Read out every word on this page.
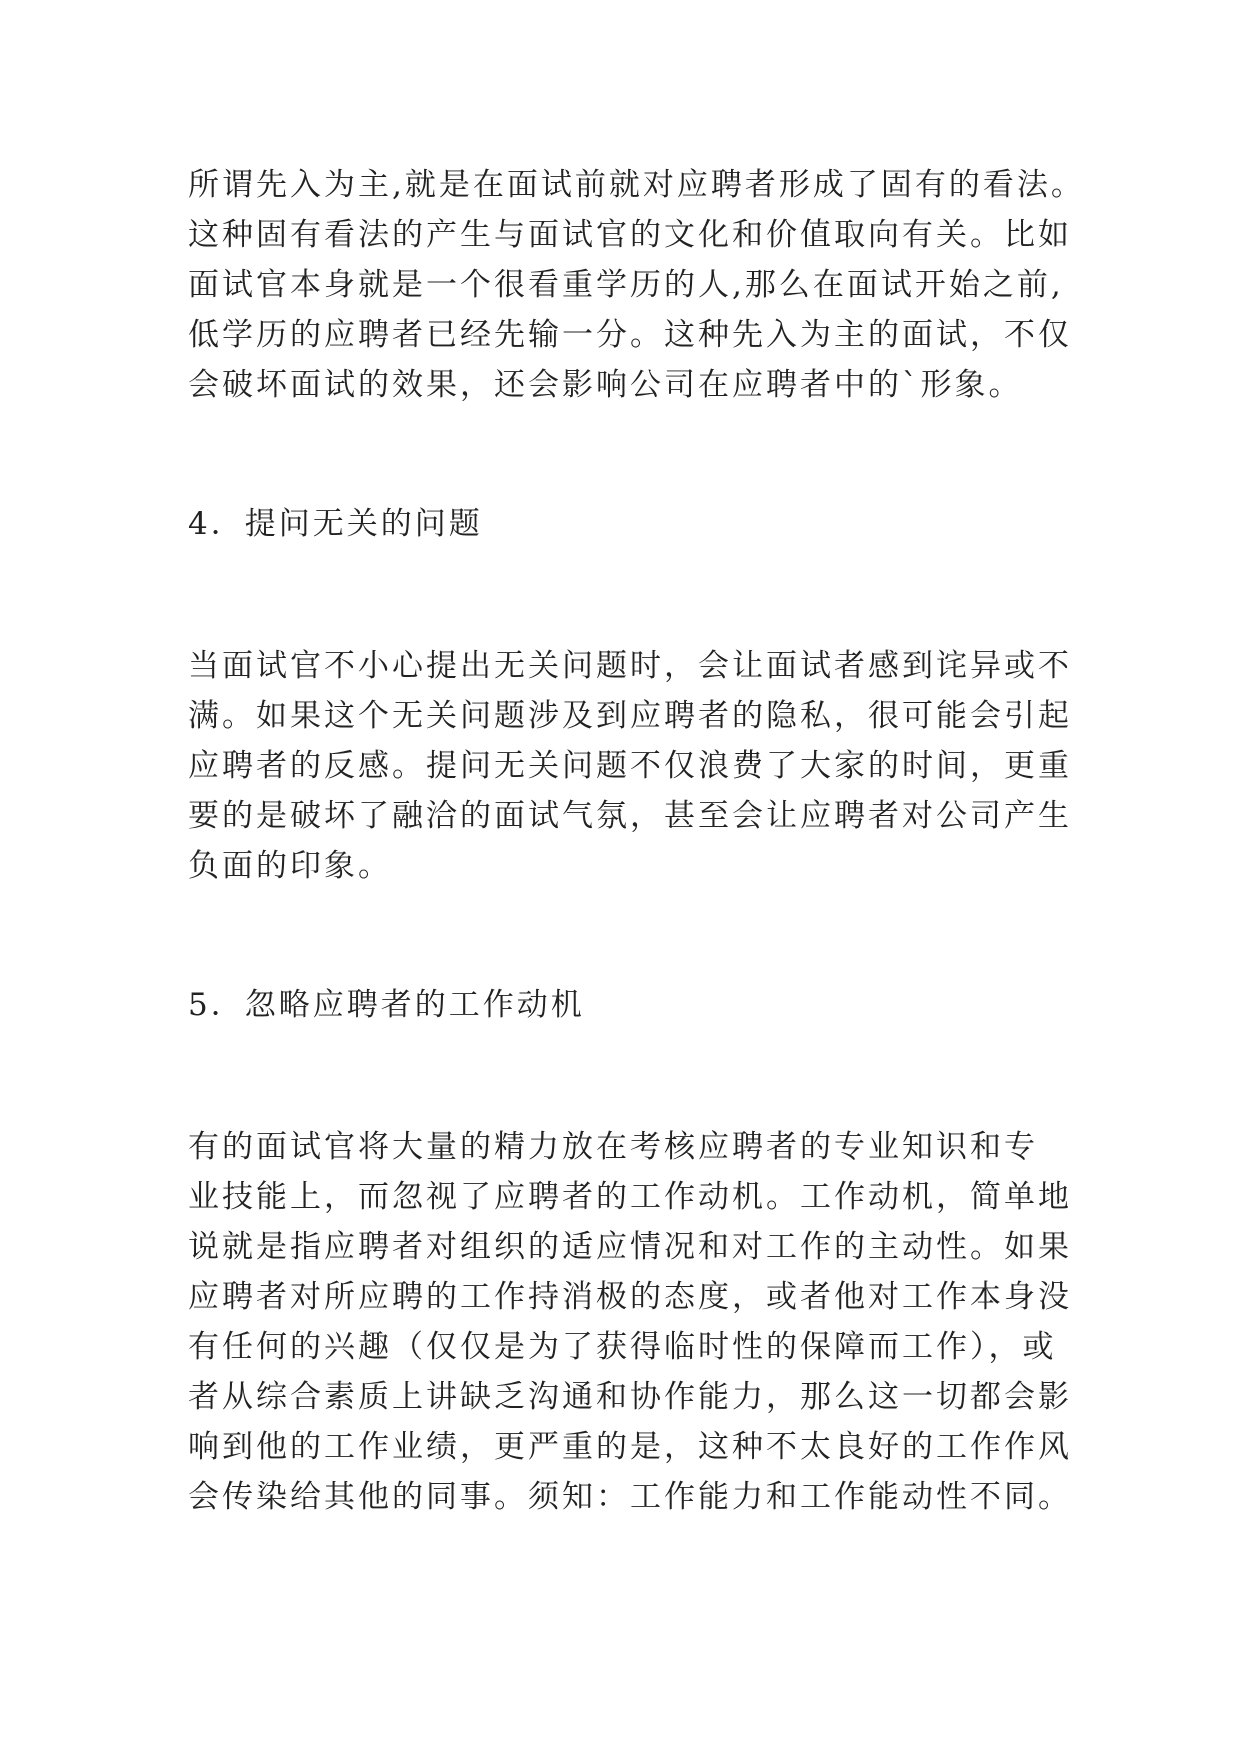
所谓先入为主,就是在面试前就对应聘者形成了固有的看法。
这种固有看法的产生与面试官的文化和价值取向有关。比如
面试官本身就是一个很看重学历的人,那么在面试开始之前,
低学历的应聘者已经先输一分。这种先入为主的面试，不仅
会破坏面试的效果，还会影响公司在应聘者中的`形象。
4．提问无关的问题
当面试官不小心提出无关问题时，会让面试者感到诧异或不
满。如果这个无关问题涉及到应聘者的隐私，很可能会引起
应聘者的反感。提问无关问题不仅浪费了大家的时间，更重
要的是破坏了融洽的面试气氛，甚至会让应聘者对公司产生
负面的印象。
5．忽略应聘者的工作动机
有的面试官将大量的精力放在考核应聘者的专业知识和专
业技能上，而忽视了应聘者的工作动机。工作动机，简单地
说就是指应聘者对组织的适应情况和对工作的主动性。如果
应聘者对所应聘的工作持消极的态度，或者他对工作本身没
有任何的兴趣（仅仅是为了获得临时性的保障而工作），或
者从综合素质上讲缺乏沟通和协作能力，那么这一切都会影
响到他的工作业绩，更严重的是，这种不太良好的工作作风
会传染给其他的同事。须知：工作能力和工作能动性不同。
